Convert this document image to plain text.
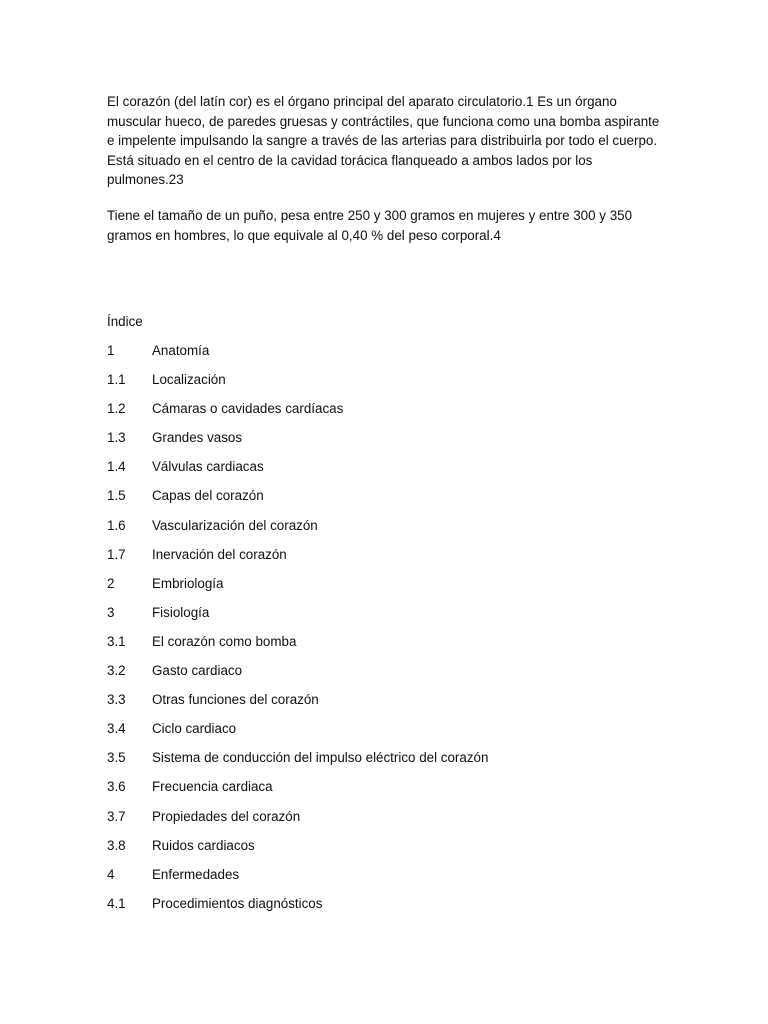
El corazón (del latín cor) es el órgano principal del aparato circulatorio.1 Es un órgano muscular hueco, de paredes gruesas y contráctiles, que funciona como una bomba aspirante e impelente impulsando la sangre a través de las arterias para distribuirla por todo el cuerpo. Está situado en el centro de la cavidad torácica flanqueado a ambos lados por los pulmones.23

Tiene el tamaño de un puño, pesa entre 250 y 300 gramos en mujeres y entre 300 y 350 gramos en hombres, lo que equivale al 0,40 % del peso corporal.4

Índice

1	Anatomía
1.1	Localización
1.2	Cámaras o cavidades cardíacas
1.3	Grandes vasos
1.4	Válvulas cardiacas
1.5	Capas del corazón
1.6	Vascularización del corazón
1.7	Inervación del corazón
2	Embriología
3	Fisiología
3.1	El corazón como bomba
3.2	Gasto cardiaco
3.3	Otras funciones del corazón
3.4	Ciclo cardiaco
3.5	Sistema de conducción del impulso eléctrico del corazón
3.6	Frecuencia cardiaca
3.7	Propiedades del corazón
3.8	Ruidos cardiacos
4	Enfermedades
4.1	Procedimientos diagnósticos
